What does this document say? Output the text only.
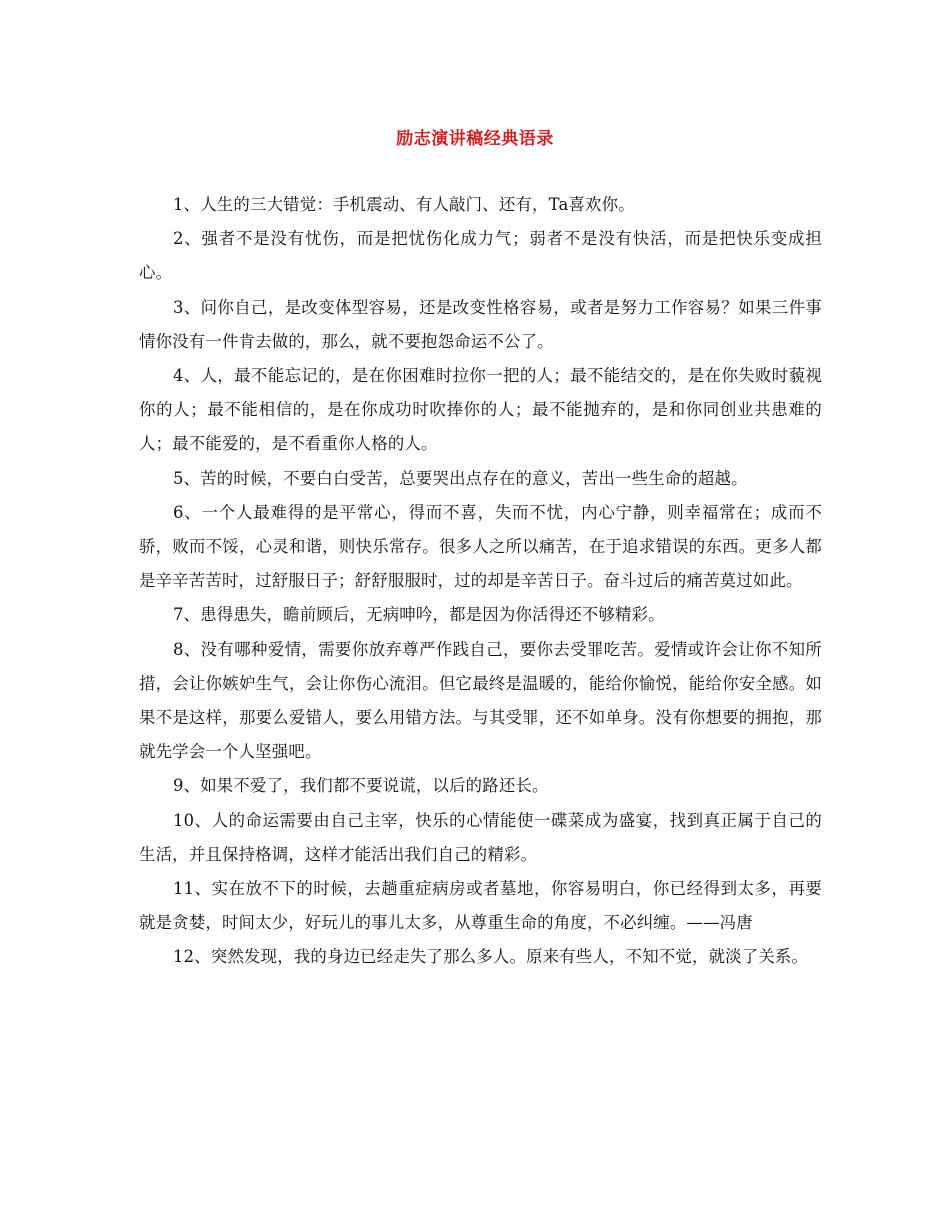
励志演讲稿经典语录

1、人生的三大错觉：手机震动、有人敲门、还有，Ta喜欢你。

2、强者不是没有忧伤，而是把忧伤化成力气；弱者不是没有快活，而是把快乐变成担心。

3、问你自己，是改变体型容易，还是改变性格容易，或者是努力工作容易？如果三件事情你没有一件肯去做的，那么，就不要抱怨命运不公了。

4、人，最不能忘记的，是在你困难时拉你一把的人；最不能结交的，是在你失败时藐视你的人；最不能相信的，是在你成功时吹捧你的人；最不能抛弃的，是和你同创业共患难的人；最不能爱的，是不看重你人格的人。

5、苦的时候，不要白白受苦，总要哭出点存在的意义，苦出一些生命的超越。

6、一个人最难得的是平常心，得而不喜，失而不忧，内心宁静，则幸福常在；成而不骄，败而不馁，心灵和谐，则快乐常存。很多人之所以痛苦，在于追求错误的东西。更多人都是辛辛苦苦时，过舒服日子；舒舒服服时，过的却是辛苦日子。奋斗过后的痛苦莫过如此。

7、患得患失，瞻前顾后，无病呻吟，都是因为你活得还不够精彩。

8、没有哪种爱情，需要你放弃尊严作践自己，要你去受罪吃苦。爱情或许会让你不知所措，会让你嫉妒生气，会让你伤心流泪。但它最终是温暖的，能给你愉悦，能给你安全感。如果不是这样，那要么爱错人，要么用错方法。与其受罪，还不如单身。没有你想要的拥抱，那就先学会一个人坚强吧。

9、如果不爱了，我们都不要说谎，以后的路还长。

10、人的命运需要由自己主宰，快乐的心情能使一碟菜成为盛宴，找到真正属于自己的生活，并且保持格调，这样才能活出我们自己的精彩。

11、实在放不下的时候，去趟重症病房或者墓地，你容易明白，你已经得到太多，再要就是贪婪，时间太少，好玩儿的事儿太多，从尊重生命的角度，不必纠缠。——冯唐

12、突然发现，我的身边已经走失了那么多人。原来有些人，不知不觉，就淡了关系。
